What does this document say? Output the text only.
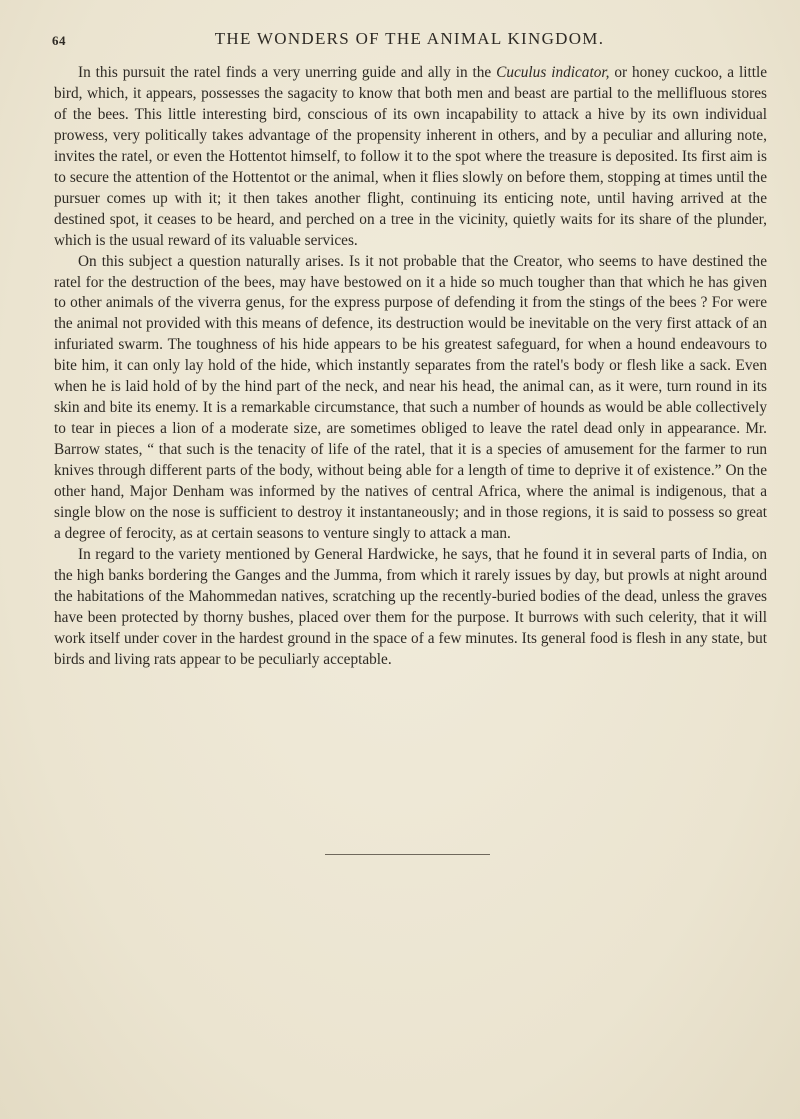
64	THE WONDERS OF THE ANIMAL KINGDOM.

In this pursuit the ratel finds a very unerring guide and ally in the Cuculus indicator, or honey cuckoo, a little bird, which, it appears, possesses the sagacity to know that both men and beast are partial to the mellifluous stores of the bees. This little interesting bird, conscious of its own incapability to attack a hive by its own individual prowess, very politically takes advantage of the propensity inherent in others, and by a peculiar and alluring note, invites the ratel, or even the Hottentot himself, to follow it to the spot where the treasure is deposited. Its first aim is to secure the attention of the Hottentot or the animal, when it flies slowly on before them, stopping at times until the pursuer comes up with it; it then takes another flight, continuing its enticing note, until having arrived at the destined spot, it ceases to be heard, and perched on a tree in the vicinity, quietly waits for its share of the plunder, which is the usual reward of its valuable services.

On this subject a question naturally arises. Is it not probable that the Creator, who seems to have destined the ratel for the destruction of the bees, may have bestowed on it a hide so much tougher than that which he has given to other animals of the viverra genus, for the express purpose of defending it from the stings of the bees ? For were the animal not provided with this means of defence, its destruction would be inevitable on the very first attack of an infuriated swarm. The toughness of his hide appears to be his greatest safeguard, for when a hound endeavours to bite him, it can only lay hold of the hide, which instantly separates from the ratel's body or flesh like a sack. Even when he is laid hold of by the hind part of the neck, and near his head, the animal can, as it were, turn round in its skin and bite its enemy. It is a remarkable circumstance, that such a number of hounds as would be able collectively to tear in pieces a lion of a moderate size, are sometimes obliged to leave the ratel dead only in appearance. Mr. Barrow states, “ that such is the tenacity of life of the ratel, that it is a species of amusement for the farmer to run knives through different parts of the body, without being able for a length of time to deprive it of existence.” On the other hand, Major Denham was informed by the natives of central Africa, where the animal is indigenous, that a single blow on the nose is sufficient to destroy it instantaneously; and in those regions, it is said to possess so great a degree of ferocity, as at certain seasons to venture singly to attack a man.

In regard to the variety mentioned by General Hardwicke, he says, that he found it in several parts of India, on the high banks bordering the Ganges and the Jumma, from which it rarely issues by day, but prowls at night around the habitations of the Mahommedan natives, scratching up the recently-buried bodies of the dead, unless the graves have been protected by thorny bushes, placed over them for the purpose. It burrows with such celerity, that it will work itself under cover in the hardest ground in the space of a few minutes. Its general food is flesh in any state, but birds and living rats appear to be peculiarly acceptable.
